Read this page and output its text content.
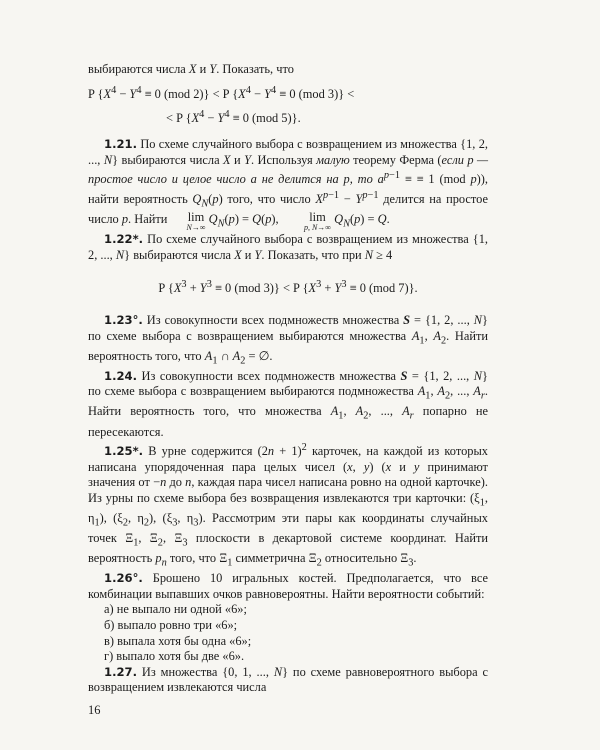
выбираются числа X и Y. Показать, что

P {$X^4 - Y^4 \equiv 0$ (mod 2)} < P {$X^4 - Y^4 \equiv 0$ (mod 3)} <
< P {$X^4 - Y^4 \equiv 0$ (mod 5)}.

1.21. По схеме случайного выбора с возвращением из множества {1, 2, ..., N} выбираются числа X и Y. Используя малую теорему Ферма (если p — простое число и целое число a не делится на p, то $a^{p-1}$ ≡ ≡ 1 (mod p)), найти вероятность $Q_N(p)$ того, что число $X^{p-1} - Y^{p-1}$ делится на простое число p. Найти lim
N→∞
$Q_N(p) = Q(p)$,   lim
p, N→∞
$Q_N(p) = Q$.

1.22*. По схеме случайного выбора с возвращением из множества {1, 2, ..., N} выбираются числа X и Y. Показать, что при N ≥ 4

P {$X^3 + Y^3 \equiv 0$ (mod 3)} < P {$X^3 + Y^3 \equiv 0$ (mod 7)}.

1.23°. Из совокупности всех подмножеств множества S = {1, 2, ..., N} по схеме выбора с возвращением выбираются множества $A_1$, $A_2$. Найти вероятность того, что $A_1$ ∩ $A_2$ = ∅.

1.24. Из совокупности всех подмножеств множества S = {1, 2, ..., N} по схеме выбора с возвращением выбираются подмножества $A_1$, $A_2$, ..., $A_r$. Найти вероятность того, что множества $A_1$, $A_2$, ..., $A_r$ попарно не пересекаются.

1.25*. В урне содержится $(2n + 1)^2$ карточек, на каждой из которых написана упорядоченная пара целых чисел (x, y) (x и y принимают значения от −n до n, каждая пара чисел написана ровно на одной карточке). Из урны по схеме выбора без возвращения извлекаются три карточки: ($\xi_1$, $\eta_1$), ($\xi_2$, $\eta_2$), ($\xi_3$, $\eta_3$). Рассмотрим эти пары как координаты случайных точек $\Xi_1$, $\Xi_2$, $\Xi_3$ плоскости в декартовой системе координат. Найти вероятность $p_n$ того, что $\Xi_1$ симметрична $\Xi_2$ относительно $\Xi_3$.

1.26°. Брошено 10 игральных костей. Предполагается, что все комбинации выпавших очков равновероятны. Найти вероятности событий:

а) не выпало ни одной «6»;

б) выпало ровно три «6»;

в) выпала хотя бы одна «6»;

г) выпало хотя бы две «6».

1.27. Из множества {0, 1, ..., N} по схеме равновероятного выбора с возвращением извлекаются числа

16
